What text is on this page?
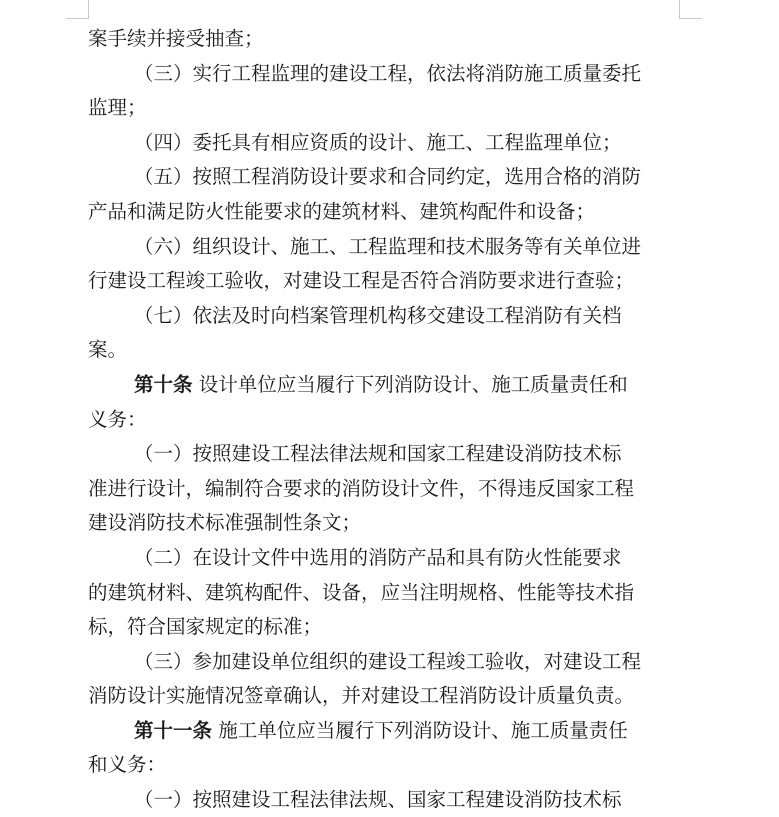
案手续并接受抽查；
（三）实行工程监理的建设工程，依法将消防施工质量委托
监理；
（四）委托具有相应资质的设计、施工、工程监理单位；
（五）按照工程消防设计要求和合同约定，选用合格的消防
产品和满足防火性能要求的建筑材料、建筑构配件和设备；
（六）组织设计、施工、工程监理和技术服务等有关单位进
行建设工程竣工验收，对建设工程是否符合消防要求进行查验；
（七）依法及时向档案管理机构移交建设工程消防有关档
案。
第十条 设计单位应当履行下列消防设计、施工质量责任和
义务：
（一）按照建设工程法律法规和国家工程建设消防技术标
准进行设计，编制符合要求的消防设计文件，不得违反国家工程
建设消防技术标准强制性条文；
（二）在设计文件中选用的消防产品和具有防火性能要求
的建筑材料、建筑构配件、设备，应当注明规格、性能等技术指
标，符合国家规定的标准；
（三）参加建设单位组织的建设工程竣工验收，对建设工程
消防设计实施情况签章确认，并对建设工程消防设计质量负责。
第十一条 施工单位应当履行下列消防设计、施工质量责任
和义务：
（一）按照建设工程法律法规、国家工程建设消防技术标
